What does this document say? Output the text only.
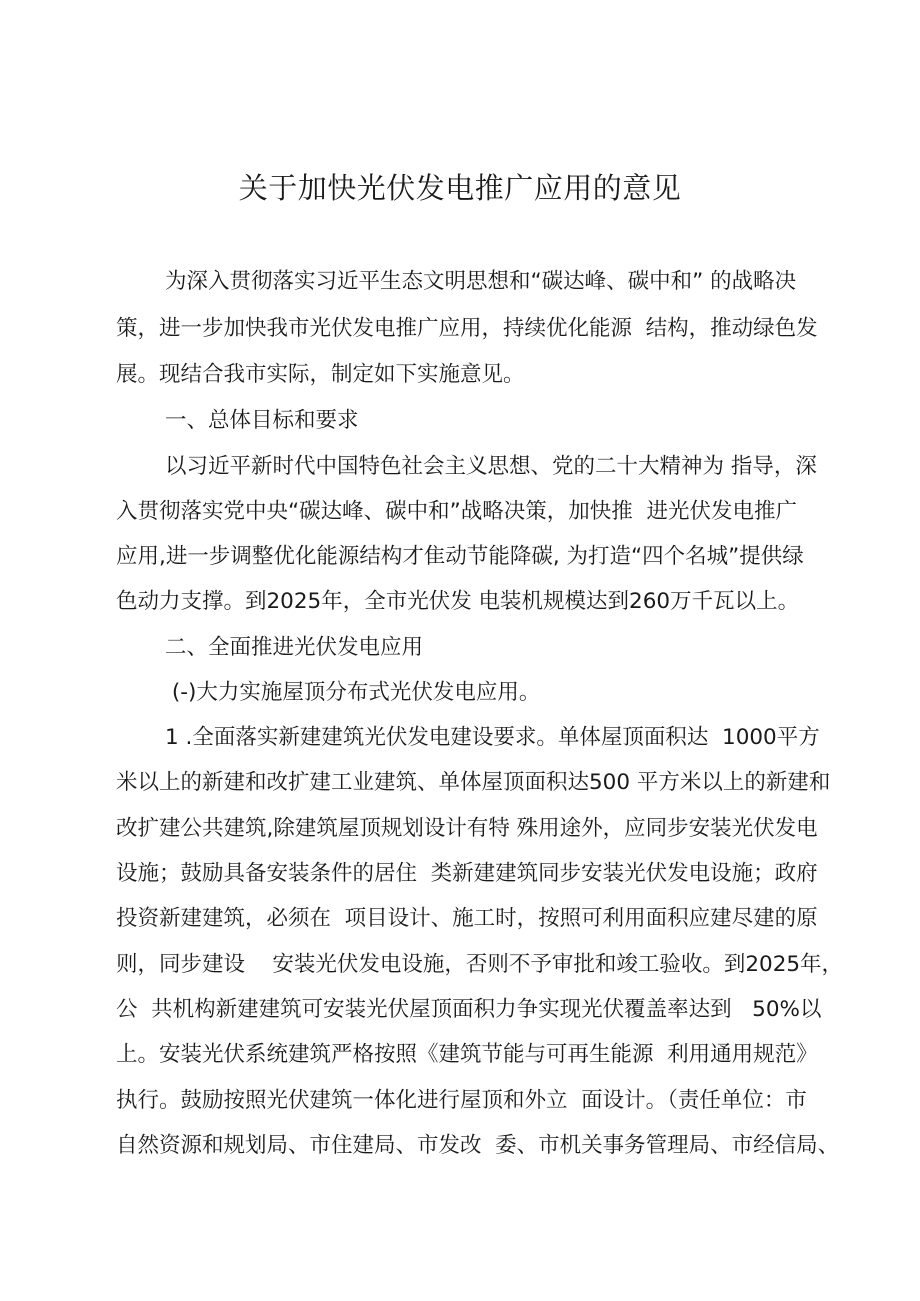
关于加快光伏发电推广应用的意见
为深入贯彻落实习近平生态文明思想和“碳达峰、碳中和” 的战略决
策，进一步加快我市光伏发电推广应用，持续优化能源  结构，推动绿色发
展。现结合我市实际，制定如下实施意见。
一、总体目标和要求
以习近平新时代中国特色社会主义思想、党的二十大精神为 指导，深
入贯彻落实党中央“碳达峰、碳中和”战略决策，加快推  进光伏发电推广
应用,进一步调整优化能源结构才隹动节能降碳, 为打造“四个名城”提供绿
色动力支撑。到2025年，全市光伏发 电装机规模达到260万千瓦以上。
二、全面推进光伏发电应用
(-)大力实施屋顶分布式光伏发电应用。
1 .全面落实新建建筑光伏发电建设要求。单体屋顶面积达  1000平方
米以上的新建和改扩建工业建筑、单体屋顶面积达500 平方米以上的新建和
改扩建公共建筑,除建筑屋顶规划设计有特 殊用途外，应同步安装光伏发电
设施；鼓励具备安装条件的居住  类新建建筑同步安装光伏发电设施；政府
投资新建建筑，必须在  项目设计、施工时，按照可利用面积应建尽建的原
则，同步建设    安装光伏发电设施，否则不予审批和竣工验收。到2025年，
公  共机构新建建筑可安装光伏屋顶面积力争实现光伏覆盖率达到   50%以
上。安装光伏系统建筑严格按照《建筑节能与可再生能源  利用通用规范》
执行。鼓励按照光伏建筑一体化进行屋顶和外立  面设计。（责任单位：市
自然资源和规划局、市住建局、市发改  委、市机关事务管理局、市经信局、
